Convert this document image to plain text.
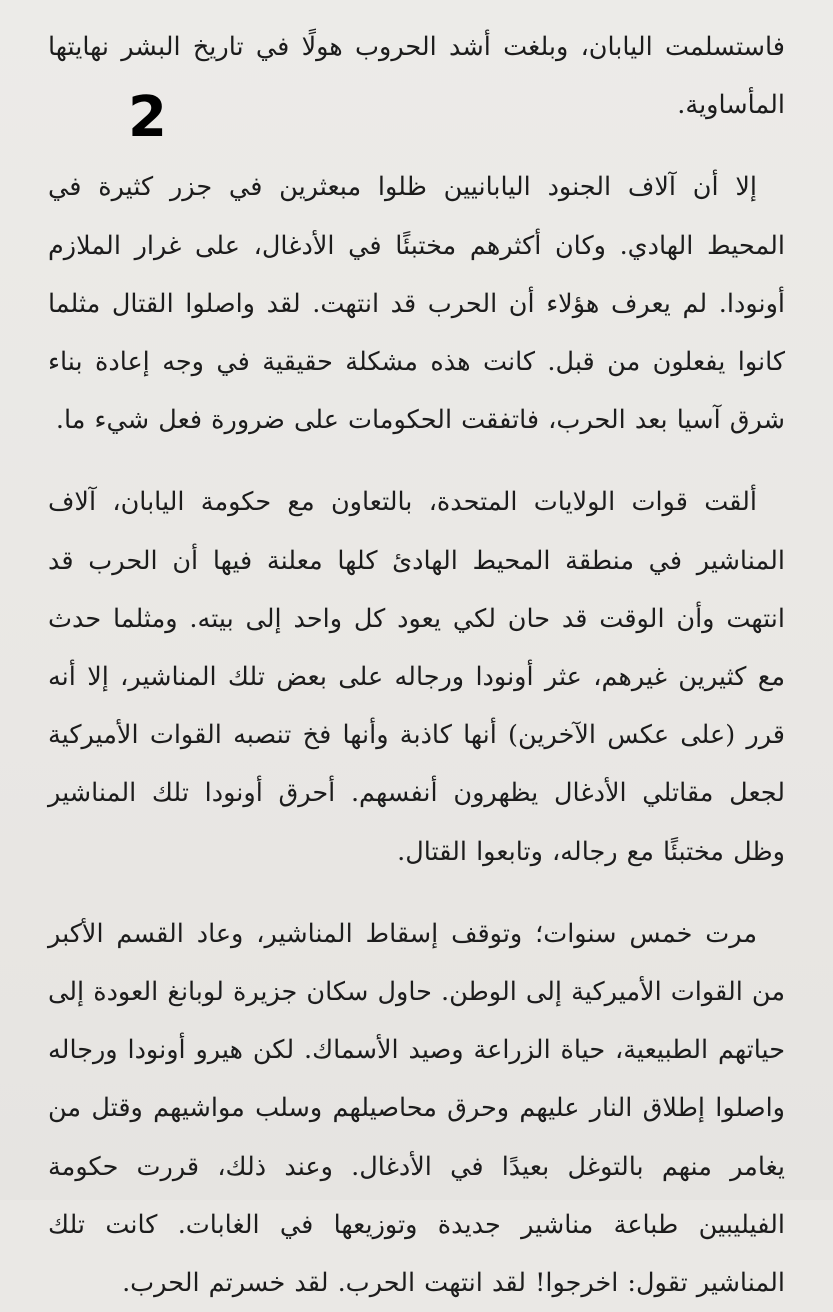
فاستسلمت اليابان، وبلغت أشد الحروب هولًا في تاريخ البشر نهايتها المأساوية.

إلا أن آلاف الجنود اليابانيين ظلوا مبعثرين في جزر كثيرة في المحيط الهادي. وكان أكثرهم مختبئًا في الأدغال، على غرار الملازم أونودا. لم يعرف هؤلاء أن الحرب قد انتهت. لقد واصلوا القتال مثلما كانوا يفعلون من قبل. كانت هذه مشكلة حقيقية في وجه إعادة بناء شرق آسيا بعد الحرب، فاتفقت الحكومات على ضرورة فعل شيء ما.

ألقت قوات الولايات المتحدة، بالتعاون مع حكومة اليابان، آلاف المناشير في منطقة المحيط الهادئ كلها معلنة فيها أن الحرب قد انتهت وأن الوقت قد حان لكي يعود كل واحد إلى بيته. ومثلما حدث مع كثيرين غيرهم، عثر أونودا ورجاله على بعض تلك المناشير، إلا أنه قرر (على عكس الآخرين) أنها كاذبة وأنها فخ تنصبه القوات الأميركية لجعل مقاتلي الأدغال يظهرون أنفسهم. أحرق أونودا تلك المناشير وظل مختبئًا مع رجاله، وتابعوا القتال.

مرت خمس سنوات؛ وتوقف إسقاط المناشير، وعاد القسم الأكبر من القوات الأميركية إلى الوطن. حاول سكان جزيرة لوبانغ العودة إلى حياتهم الطبيعية، حياة الزراعة وصيد الأسماك. لكن هيرو أونودا ورجاله واصلوا إطلاق النار عليهم وحرق محاصيلهم وسلب مواشيهم وقتل من يغامر منهم بالتوغل بعيدًا في الأدغال. وعند ذلك، قررت حكومة الفيليبين طباعة مناشير جديدة وتوزيعها في الغابات. كانت تلك المناشير تقول: اخرجوا! لقد انتهت الحرب. لقد خسرتم الحرب.

2
